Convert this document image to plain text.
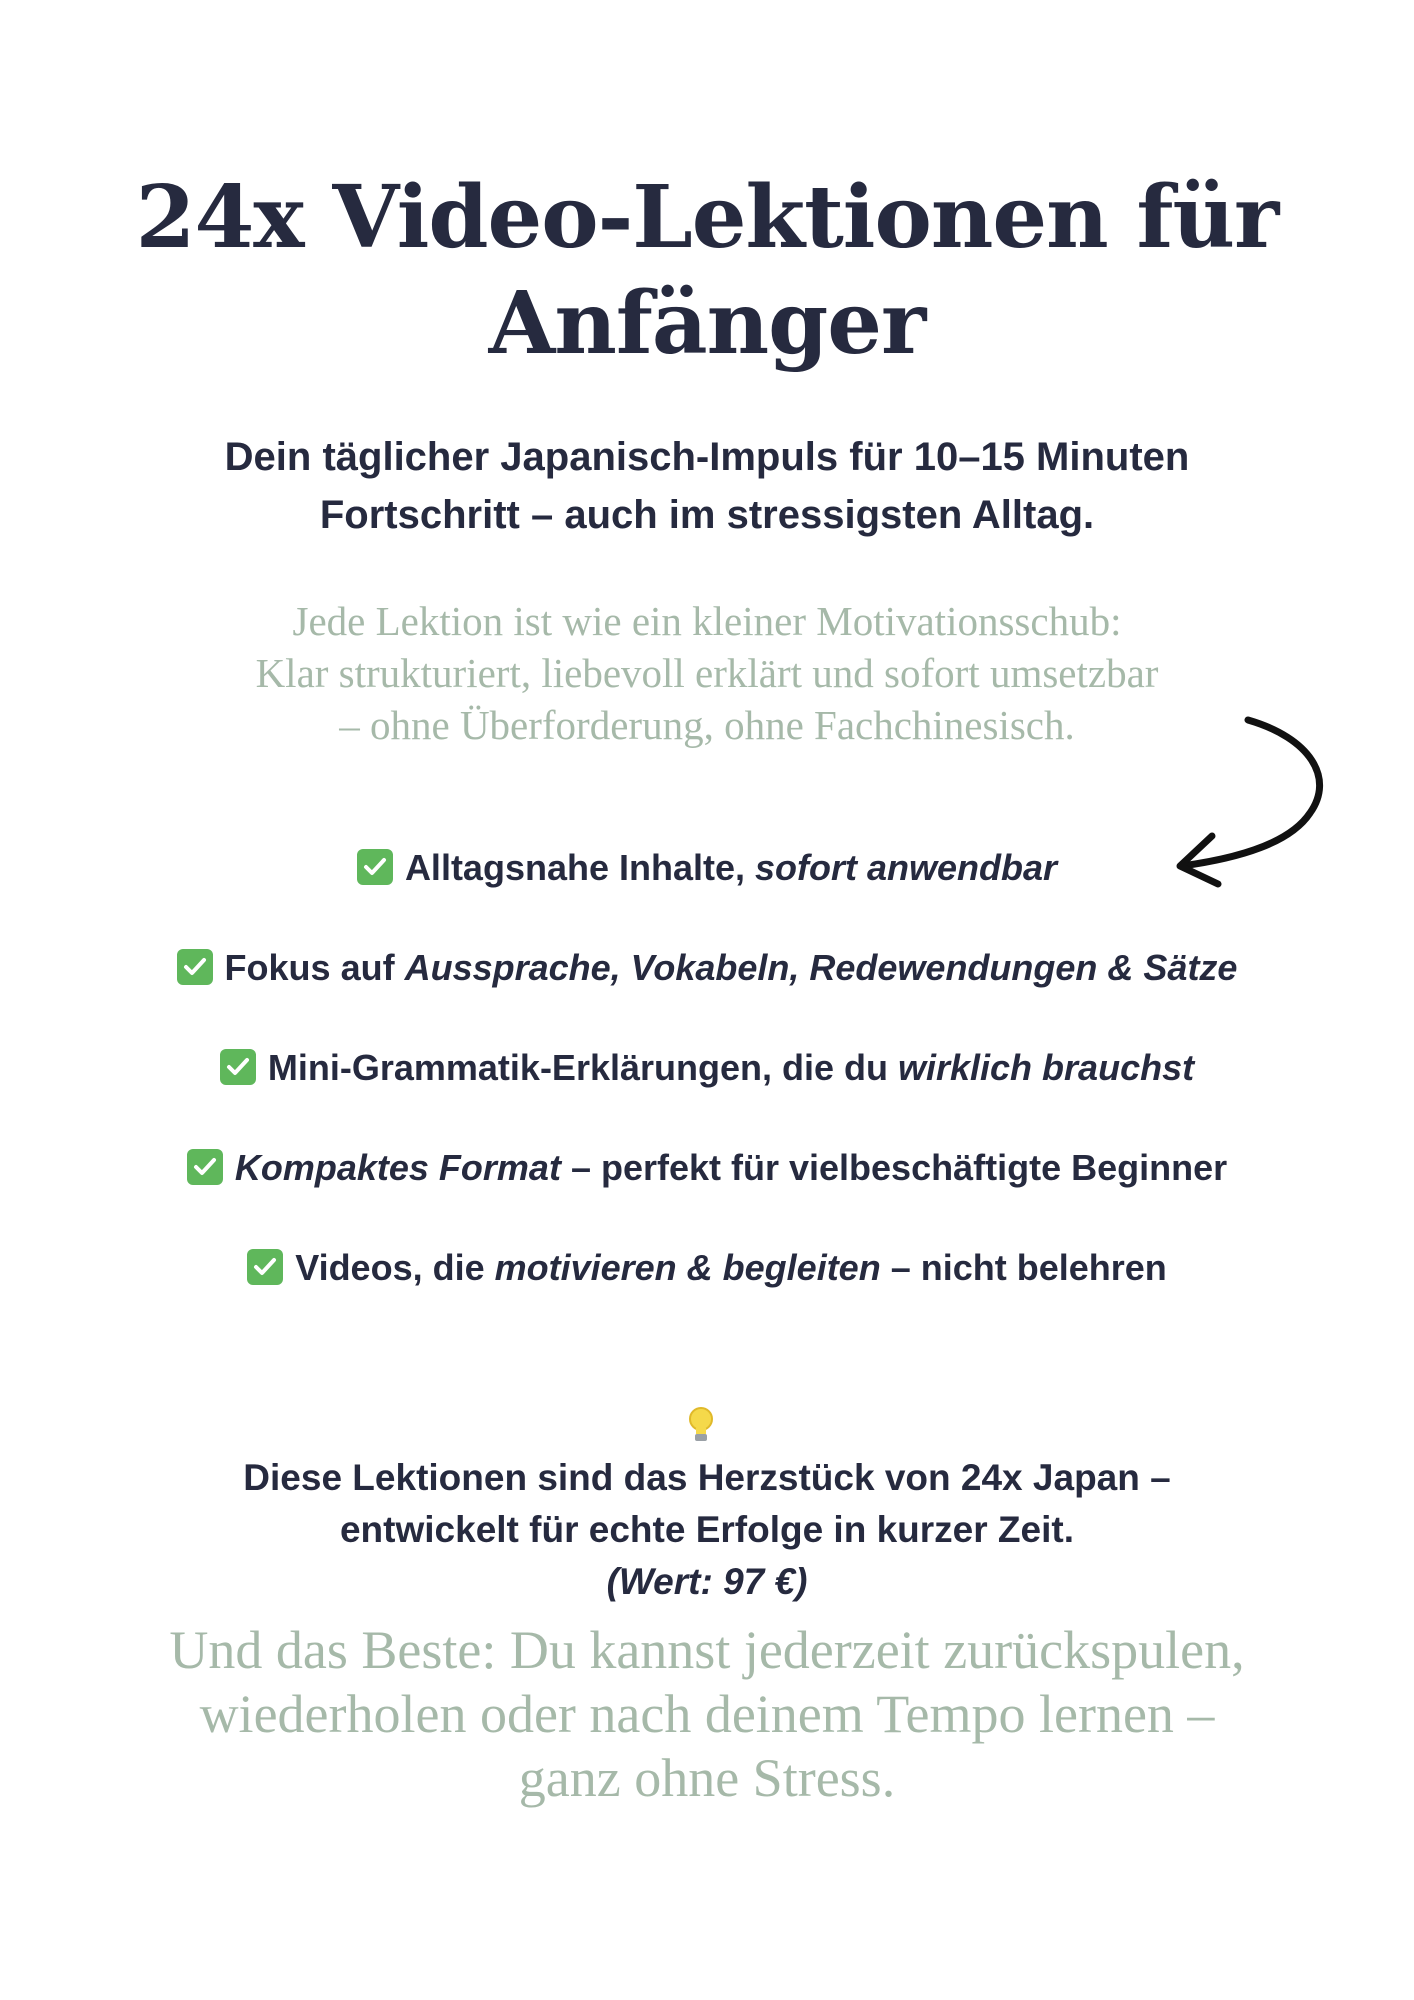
24x Video-Lektionen für
Anfänger

Dein täglicher Japanisch-Impuls für 10–15 Minuten
Fortschritt – auch im stressigsten Alltag.

Jede Lektion ist wie ein kleiner Motivationsschub:
Klar strukturiert, liebevoll erklärt und sofort umsetzbar
– ohne Überforderung, ohne Fachchinesisch.

Alltagsnahe Inhalte, sofort anwendbar
Fokus auf Aussprache, Vokabeln, Redewendungen & Sätze
Mini-Grammatik-Erklärungen, die du wirklich brauchst
Kompaktes Format – perfekt für vielbeschäftigte Beginner
Videos, die motivieren & begleiten – nicht belehren

Diese Lektionen sind das Herzstück von 24x Japan –
entwickelt für echte Erfolge in kurzer Zeit.
(Wert: 97 €)

Und das Beste: Du kannst jederzeit zurückspulen,
wiederholen oder nach deinem Tempo lernen –
ganz ohne Stress.
